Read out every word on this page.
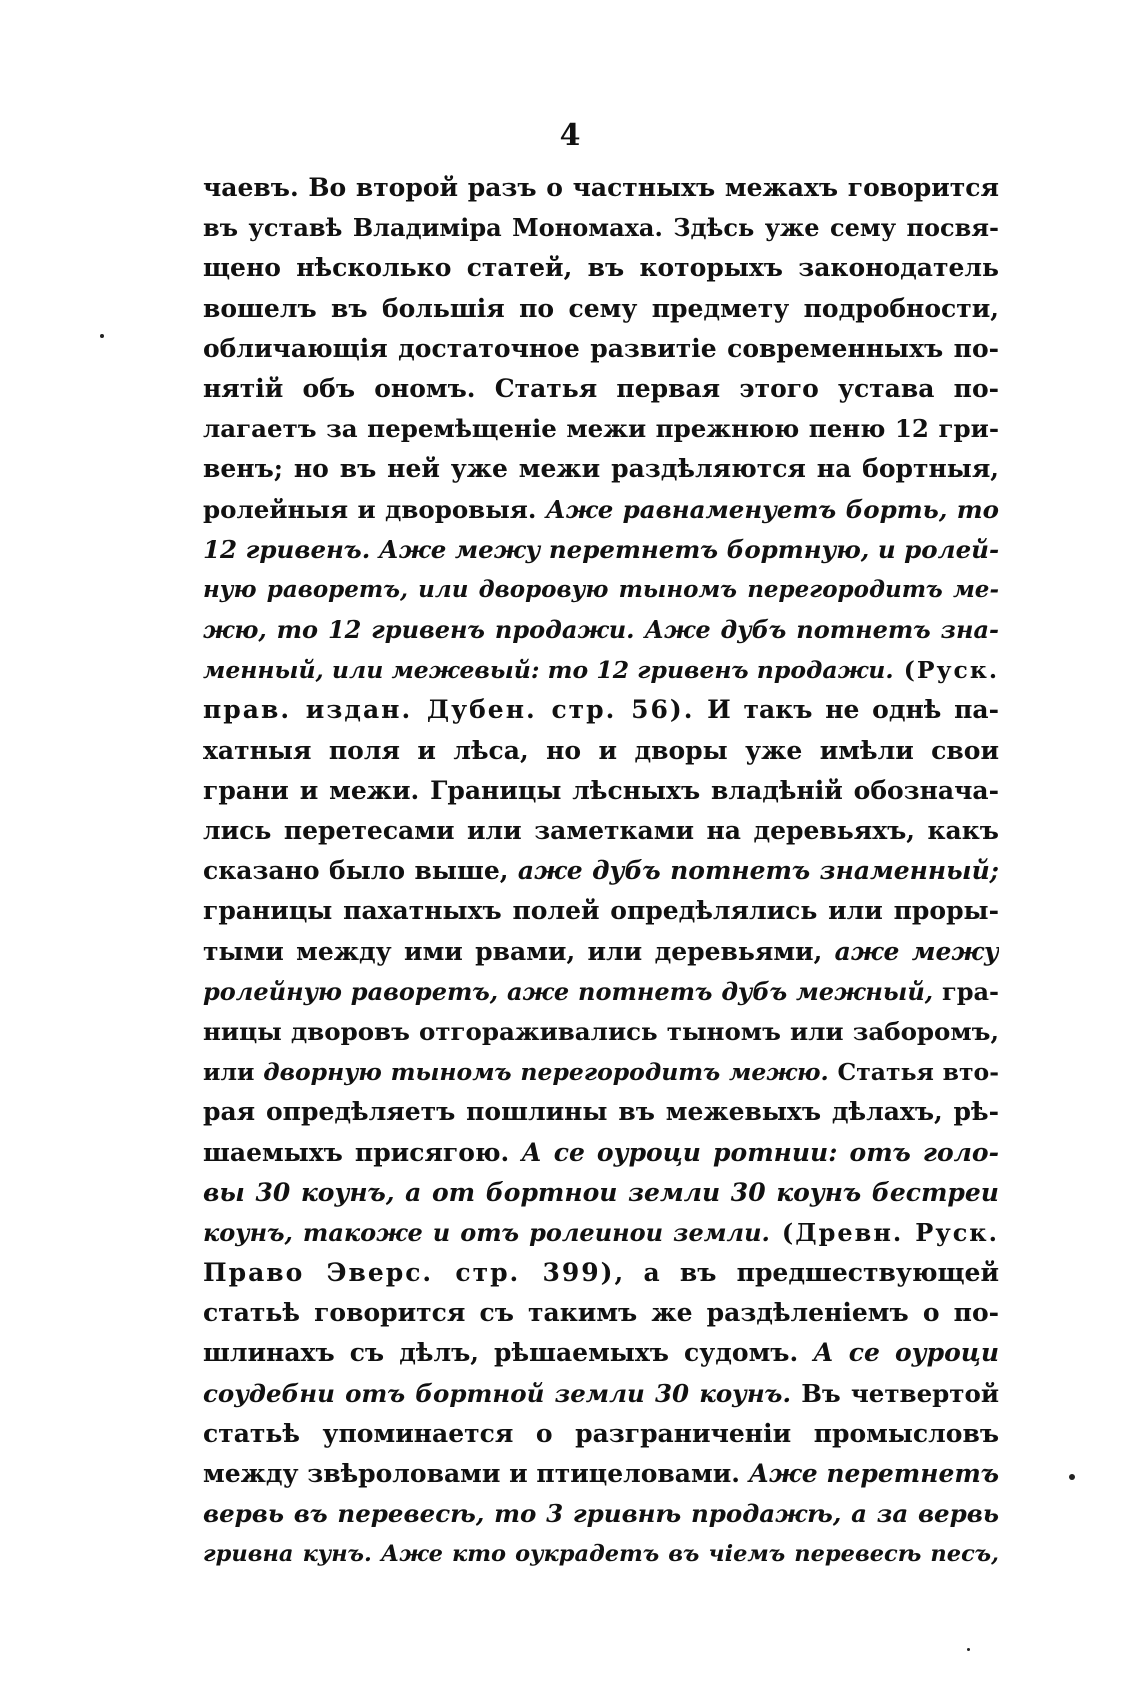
4
чаевъ. Во второй разъ о частныхъ межахъ говорится
въ уставѣ Владиміра Мономаха. Здѣсь уже сему посвя-
щено нѣсколько статей, въ которыхъ законодатель
вошелъ въ большія по сему предмету подробности,
обличающія достаточное развитіе современныхъ по-
нятій объ ономъ. Статья первая этого устава по-
лагаетъ за перемѣщеніе межи прежнюю пеню 12 гри-
венъ; но въ ней уже межи раздѣляются на бортныя,
ролейныя и дворовыя. Аже равнаменуетъ борть, то
12 гривенъ. Аже межу перетнетъ бортную, и ролей-
ную раворетъ, или дворовую тыномъ перегородитъ ме-
жю, то 12 гривенъ продажи. Аже дубъ потнетъ зна-
менный, или межевый: то 12 гривенъ продажи. (Руск.
прав. издан. Дубен. стр. 56). И такъ не однѣ па-
хатныя поля и лѣса, но и дворы уже имѣли свои
грани и межи. Границы лѣсныхъ владѣній обознача-
лись перетесами или заметками на деревьяхъ, какъ
сказано было выше, аже дубъ потнетъ знаменный;
границы пахатныхъ полей опредѣлялись или проры-
тыми между ими рвами, или деревьями, аже межу
ролейную раворетъ, аже потнетъ дубъ межный, гра-
ницы дворовъ отгораживались тыномъ или заборомъ,
или дворную тыномъ перегородитъ межю. Статья вто-
рая опредѣляетъ пошлины въ межевыхъ дѣлахъ, рѣ-
шаемыхъ присягою. А се оуроци ротнии: отъ голо-
вы 30 коунъ, а от бортнои земли 30 коунъ бестреи
коунъ, такоже и отъ ролеинои земли. (Древн. Руск.
Право Эверс. стр. 399), а въ предшествующей
статьѣ говорится съ такимъ же раздѣленіемъ о по-
шлинахъ съ дѣлъ, рѣшаемыхъ судомъ. А се оуроци
соудебни отъ бортной земли 30 коунъ. Въ четвертой
статьѣ упоминается о разграниченіи промысловъ
между звѣроловами и птицеловами. Аже перетнетъ
вервь въ перевесѣ, то 3 гривнѣ продажѣ, а за вервь
гривна кунъ. Аже кто оукрадетъ въ чіемъ перевесѣ песъ,
